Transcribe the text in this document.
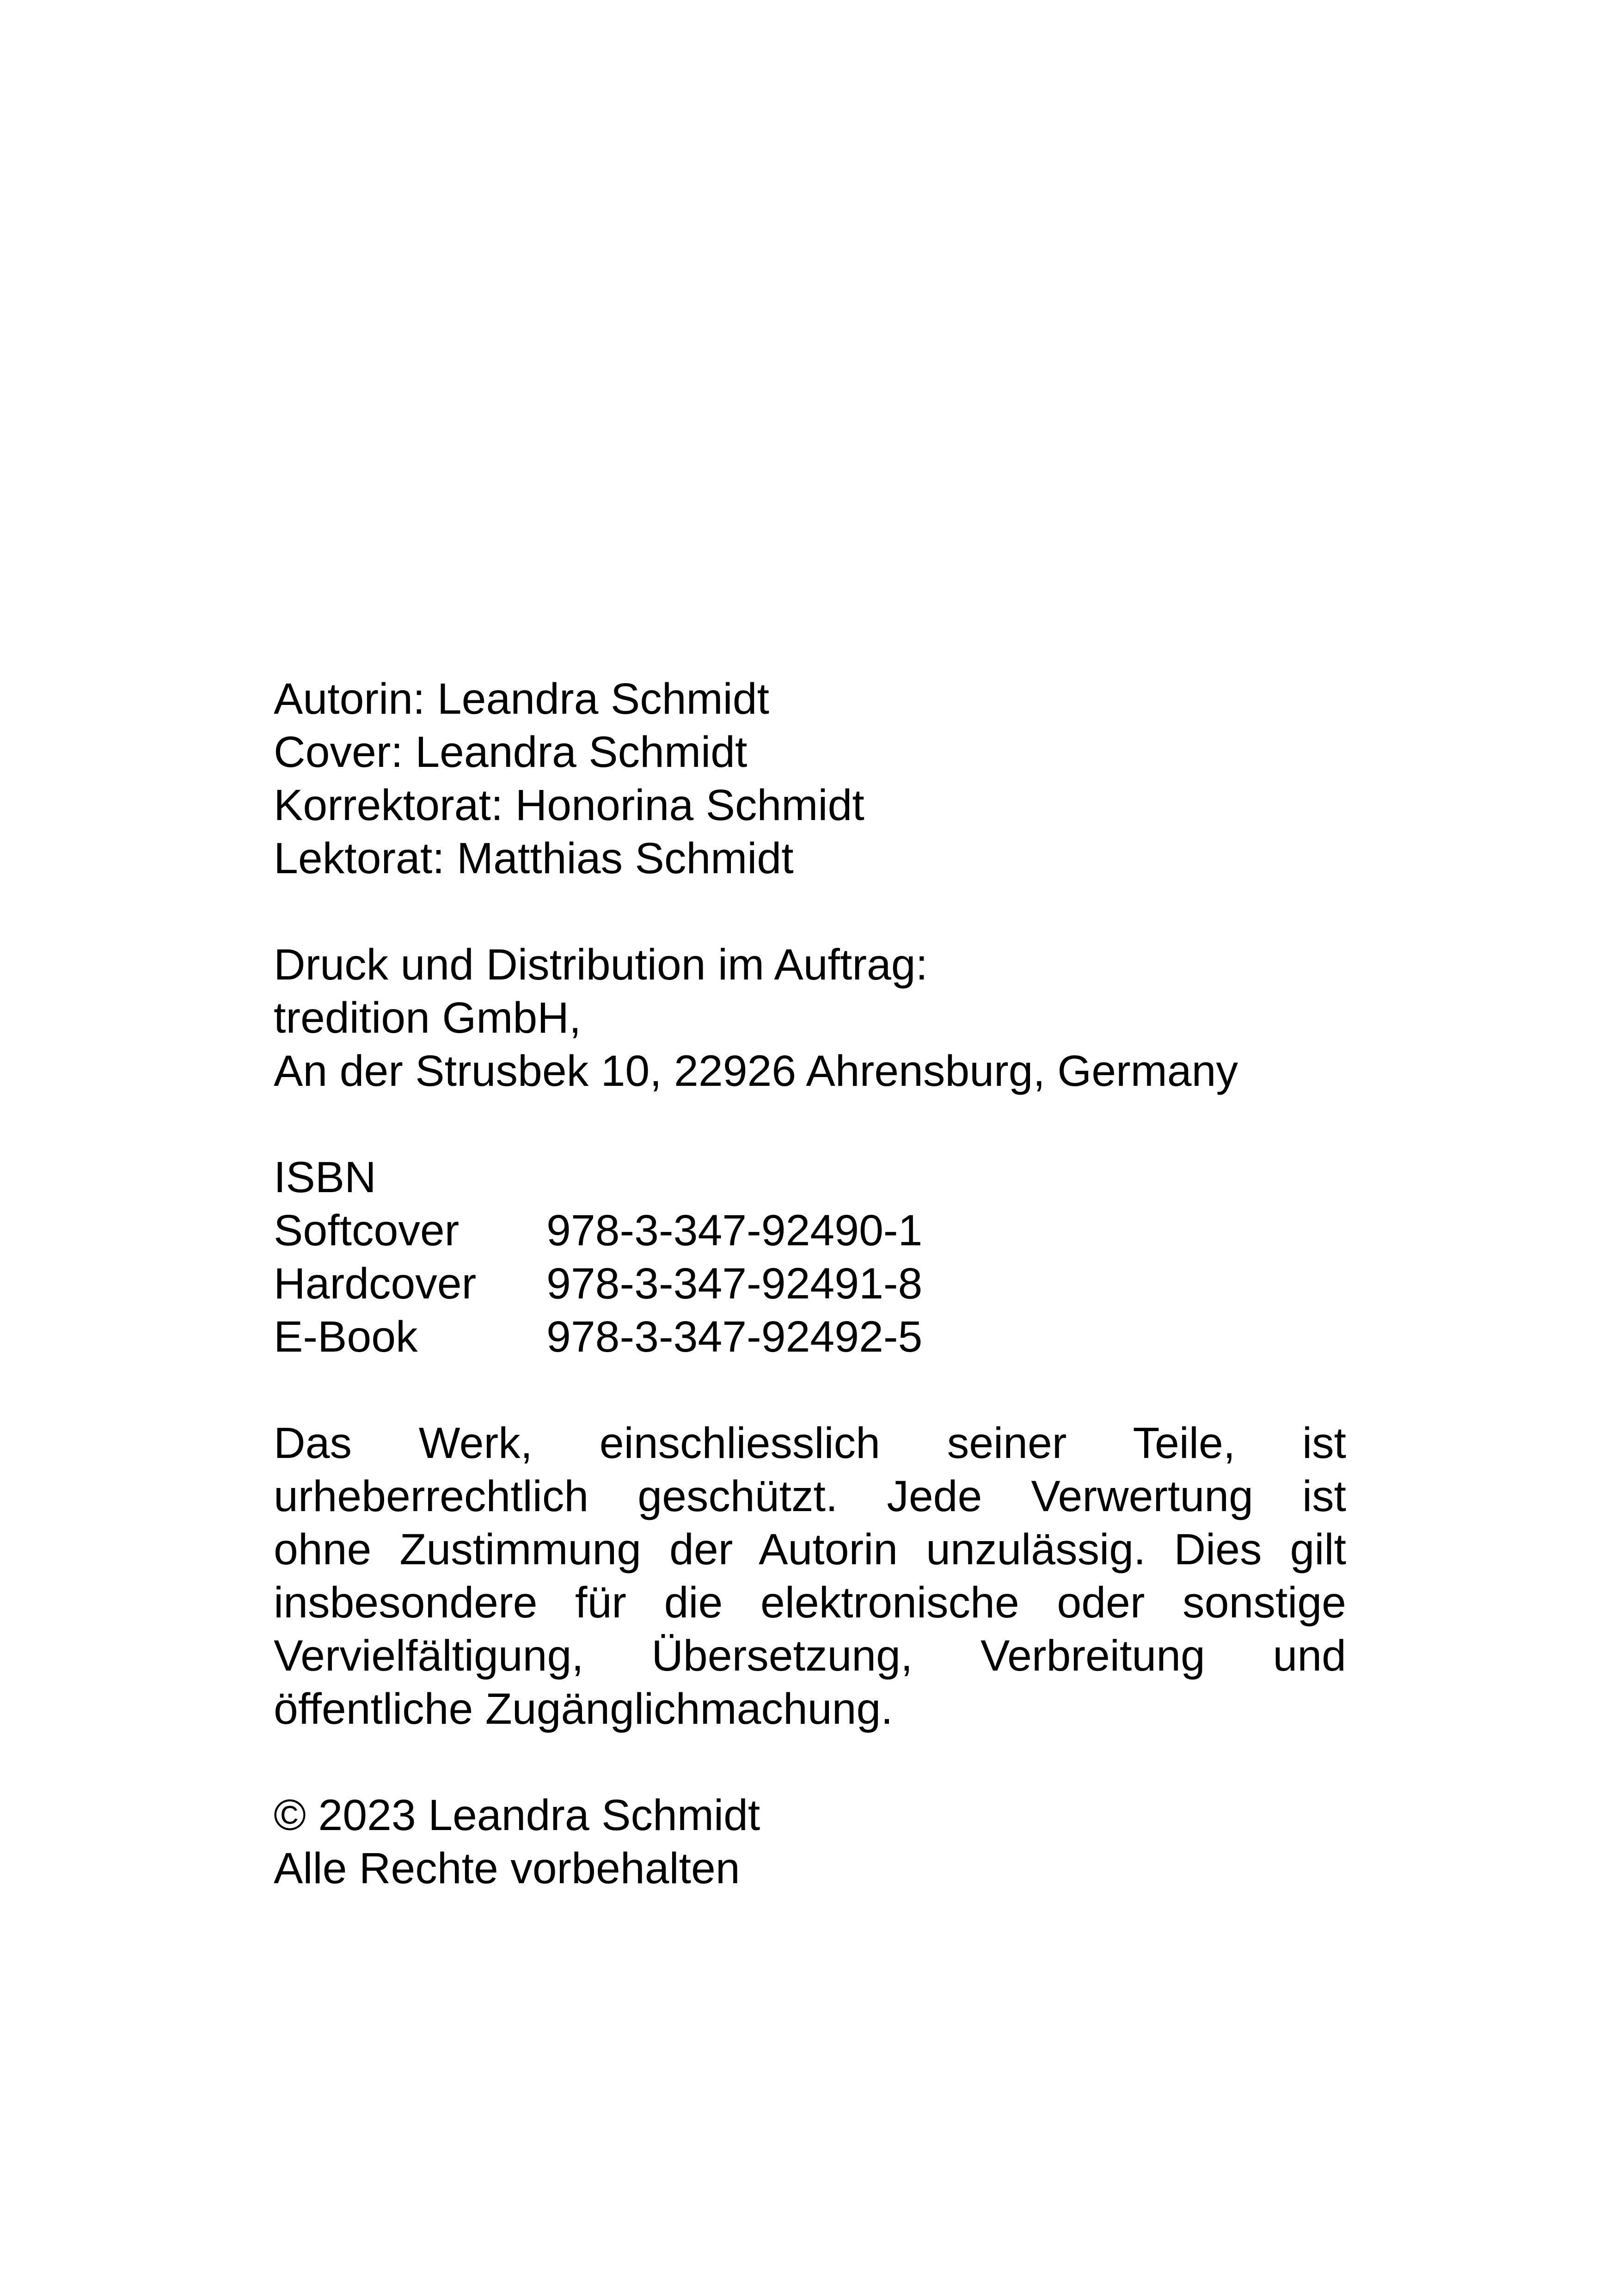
Autorin: Leandra Schmidt
Cover: Leandra Schmidt
Korrektorat: Honorina Schmidt
Lektorat: Matthias Schmidt
Druck und Distribution im Auftrag:
tredition GmbH,
An der Strusbek 10, 22926 Ahrensburg, Germany
ISBN
Softcover	978-3-347-92490-1
Hardcover	978-3-347-92491-8
E-Book	978-3-347-92492-5
Das Werk, einschliesslich seiner Teile, ist
urheberrechtlich geschützt. Jede Verwertung ist
ohne Zustimmung der Autorin unzulässig. Dies gilt
insbesondere für die elektronische oder sonstige
Vervielfältigung, Übersetzung, Verbreitung und
öffentliche Zugänglichmachung.
© 2023 Leandra Schmidt
Alle Rechte vorbehalten
